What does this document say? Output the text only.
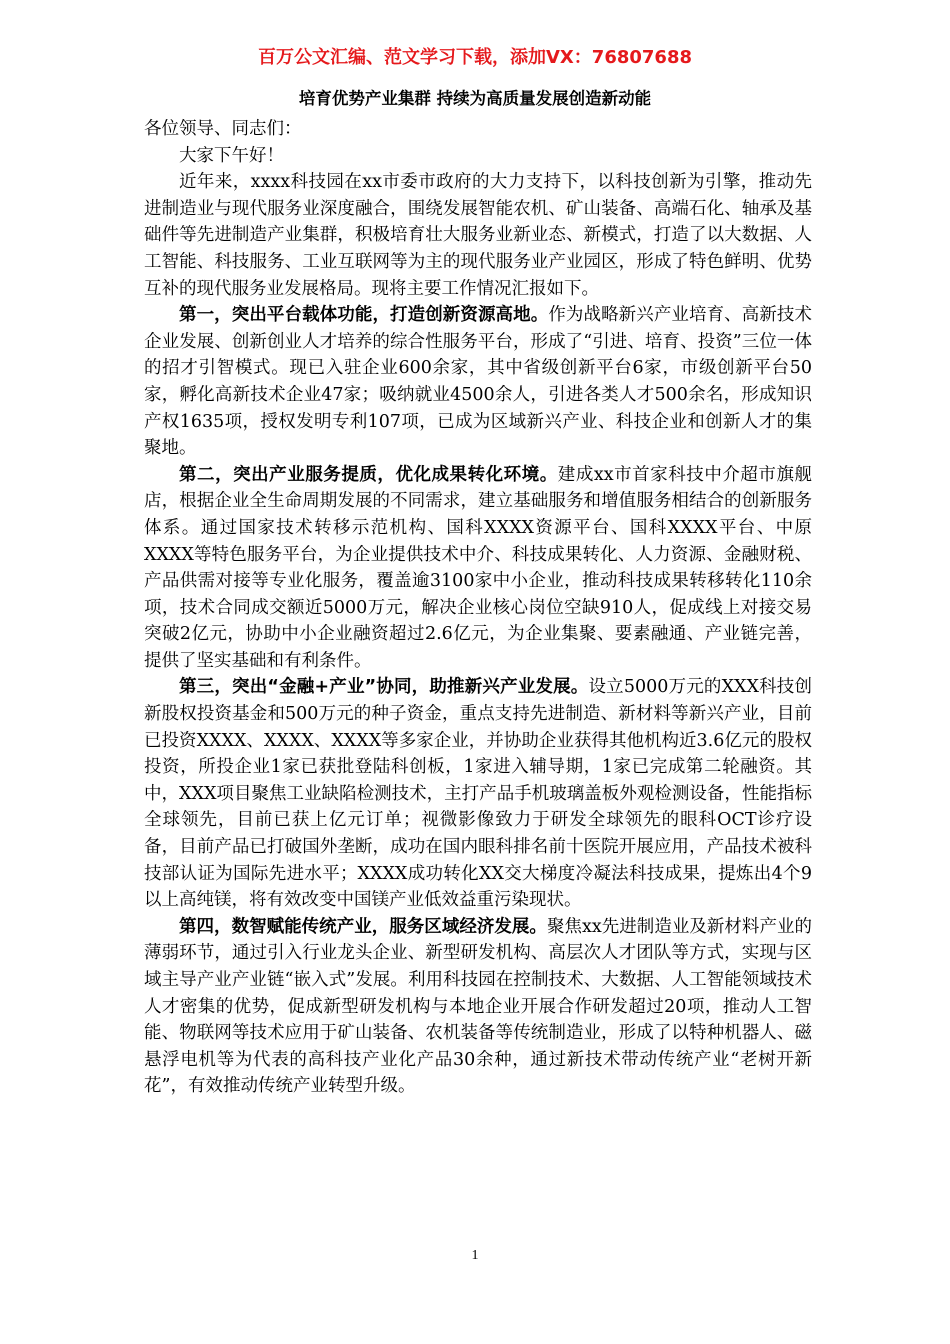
百万公文汇编、范文学习下载，添加VX：76807688
培育优势产业集群 持续为高质量发展创造新动能

各位领导、同志们：

大家下午好！

近年来，xxxx科技园在xx市委市政府的大力支持下，以科技创新为引擎，推动先进制造业与现代服务业深度融合，围绕发展智能农机、矿山装备、高端石化、轴承及基础件等先进制造产业集群，积极培育壮大服务业新业态、新模式，打造了以大数据、人工智能、科技服务、工业互联网等为主的现代服务业产业园区，形成了特色鲜明、优势互补的现代服务业发展格局。现将主要工作情况汇报如下。

第一，突出平台载体功能，打造创新资源高地。作为战略新兴产业培育、高新技术企业发展、创新创业人才培养的综合性服务平台，形成了“引进、培育、投资”三位一体的招才引智模式。现已入驻企业600余家，其中省级创新平台6家，市级创新平台50家，孵化高新技术企业47家；吸纳就业4500余人，引进各类人才500余名，形成知识产权1635项，授权发明专利107项，已成为区域新兴产业、科技企业和创新人才的集聚地。

第二，突出产业服务提质，优化成果转化环境。建成xx市首家科技中介超市旗舰店，根据企业全生命周期发展的不同需求，建立基础服务和增值服务相结合的创新服务体系。通过国家技术转移示范机构、国科XXXX资源平台、国科XXXX平台、中原XXXX等特色服务平台，为企业提供技术中介、科技成果转化、人力资源、金融财税、产品供需对接等专业化服务，覆盖逾3100家中小企业，推动科技成果转移转化110余项，技术合同成交额近5000万元，解决企业核心岗位空缺910人，促成线上对接交易突破2亿元，协助中小企业融资超过2.6亿元，为企业集聚、要素融通、产业链完善，提供了坚实基础和有利条件。

第三，突出“金融+产业”协同，助推新兴产业发展。设立5000万元的XXX科技创新股权投资基金和500万元的种子资金，重点支持先进制造、新材料等新兴产业，目前已投资XXXX、XXXX、XXXX等多家企业，并协助企业获得其他机构近3.6亿元的股权投资，所投企业1家已获批登陆科创板，1家进入辅导期，1家已完成第二轮融资。其中，XXX项目聚焦工业缺陷检测技术，主打产品手机玻璃盖板外观检测设备，性能指标全球领先，目前已获上亿元订单；视微影像致力于研发全球领先的眼科OCT诊疗设备，目前产品已打破国外垄断，成功在国内眼科排名前十医院开展应用，产品技术被科技部认证为国际先进水平；XXXX成功转化XX交大梯度冷凝法科技成果，提炼出4个9以上高纯镁，将有效改变中国镁产业低效益重污染现状。

第四，数智赋能传统产业，服务区域经济发展。聚焦xx先进制造业及新材料产业的薄弱环节，通过引入行业龙头企业、新型研发机构、高层次人才团队等方式，实现与区域主导产业产业链“嵌入式”发展。利用科技园在控制技术、大数据、人工智能领域技术人才密集的优势，促成新型研发机构与本地企业开展合作研发超过20项，推动人工智能、物联网等技术应用于矿山装备、农机装备等传统制造业，形成了以特种机器人、磁悬浮电机等为代表的高科技产业化产品30余种，通过新技术带动传统产业“老树开新花”，有效推动传统产业转型升级。

1
